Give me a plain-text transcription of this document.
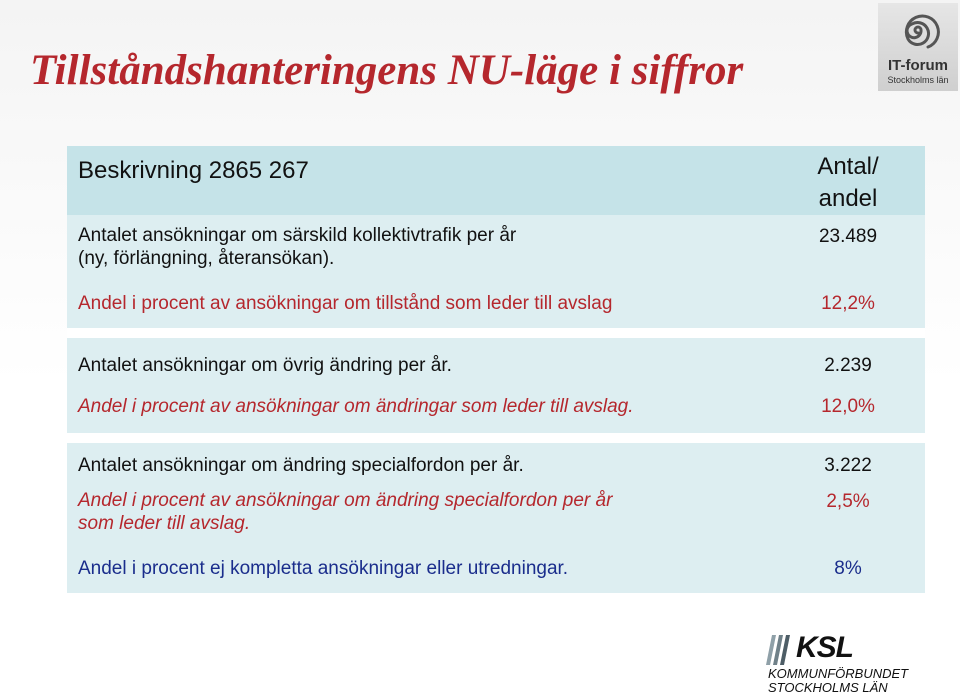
Tillståndshanteringens NU-läge i siffror	IT-forum
Stockholms län
Beskrivning 2865 267	Antal/
andel

Antalet ansökningar om särskild kollektivtrafik per år
(ny, förlängning, återansökan).	23.489
Andel i procent av ansökningar om tillstånd som leder till avslag	12,2%

Antalet ansökningar om övrig ändring per år.	2.239
Andel i procent av ansökningar om ändringar som leder till avslag.	12,0%

Antalet ansökningar om ändring specialfordon per år.	3.222

Andel i procent av ansökningar om ändring specialfordon per år
som leder till avslag.	2,5%
Andel i procent ej kompletta ansökningar eller utredningar.	8%
KSL
KOMMUNFÖRBUNDET
STOCKHOLMS LÄN
